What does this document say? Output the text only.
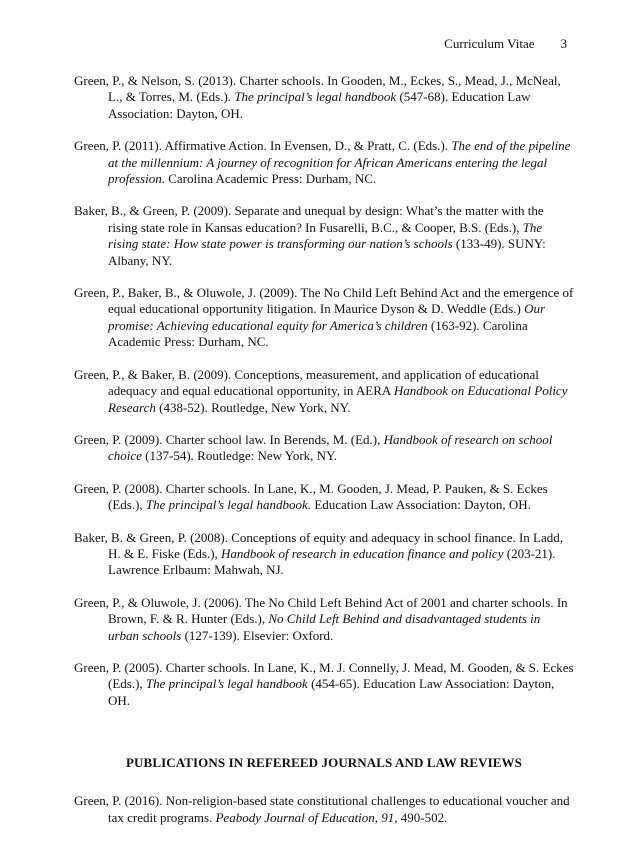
Curriculum Vitae 3

Green, P., & Nelson, S. (2013). Charter schools. In Gooden, M., Eckes, S., Mead, J., McNeal, L., & Torres, M. (Eds.). The principal’s legal handbook (547-68). Education Law Association: Dayton, OH.

Green, P. (2011). Affirmative Action. In Evensen, D., & Pratt, C. (Eds.). The end of the pipeline at the millennium: A journey of recognition for African Americans entering the legal profession. Carolina Academic Press: Durham, NC.

Baker, B., & Green, P. (2009). Separate and unequal by design: What’s the matter with the rising state role in Kansas education? In Fusarelli, B.C., & Cooper, B.S. (Eds.), The rising state: How state power is transforming our nation’s schools (133-49). SUNY: Albany, NY.

Green, P., Baker, B., & Oluwole, J. (2009). The No Child Left Behind Act and the emergence of equal educational opportunity litigation. In Maurice Dyson & D. Weddle (Eds.) Our promise: Achieving educational equity for America’s children (163-92). Carolina Academic Press: Durham, NC.

Green, P., & Baker, B. (2009). Conceptions, measurement, and application of educational adequacy and equal educational opportunity, in AERA Handbook on Educational Policy Research (438-52). Routledge, New York, NY.

Green, P. (2009). Charter school law. In Berends, M. (Ed.), Handbook of research on school choice (137-54). Routledge: New York, NY.

Green, P. (2008). Charter schools. In Lane, K., M. Gooden, J. Mead, P. Pauken, & S. Eckes (Eds.), The principal’s legal handbook. Education Law Association: Dayton, OH.

Baker, B. & Green, P. (2008). Conceptions of equity and adequacy in school finance. In Ladd, H. & E. Fiske (Eds.), Handbook of research in education finance and policy (203-21). Lawrence Erlbaum: Mahwah, NJ.

Green, P., & Oluwole, J. (2006). The No Child Left Behind Act of 2001 and charter schools. In Brown, F. & R. Hunter (Eds.), No Child Left Behind and disadvantaged students in urban schools (127-139). Elsevier: Oxford.

Green, P. (2005). Charter schools. In Lane, K., M. J. Connelly, J. Mead, M. Gooden, & S. Eckes (Eds.), The principal’s legal handbook (454-65). Education Law Association: Dayton, OH.

PUBLICATIONS IN REFEREED JOURNALS AND LAW REVIEWS

Green, P. (2016). Non-religion-based state constitutional challenges to educational voucher and tax credit programs. Peabody Journal of Education, 91, 490-502.
